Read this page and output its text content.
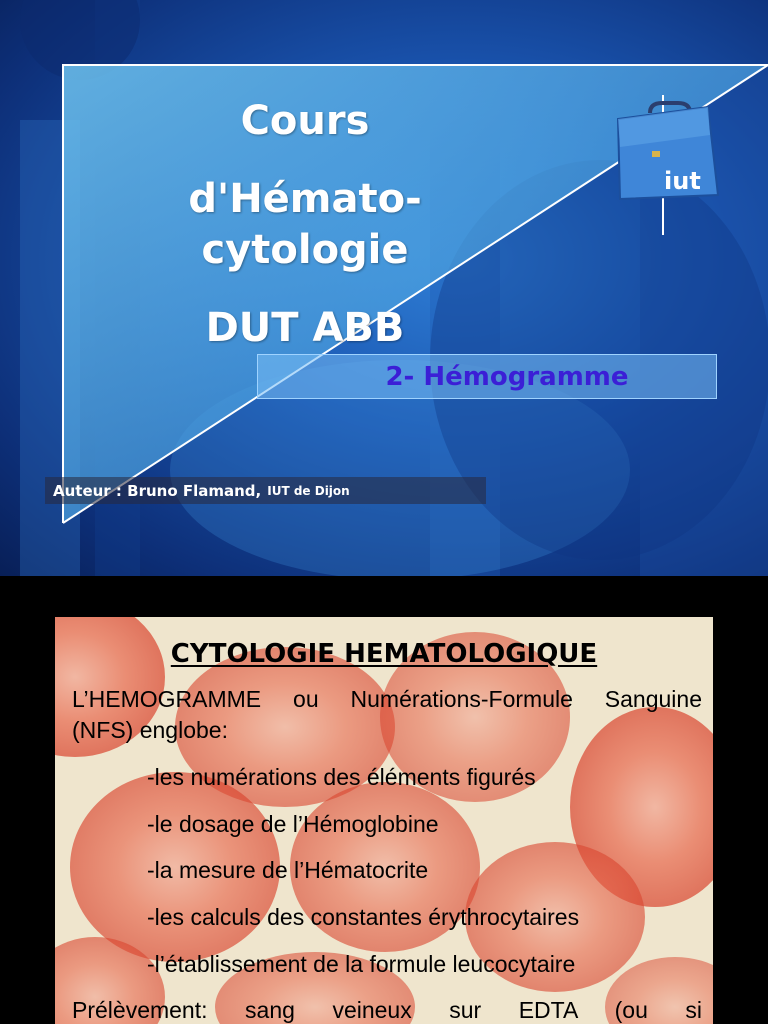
Cours
d'Hémato-
cytologie
DUT ABB
iut
2- Hémogramme
Auteur : Bruno Flamand, IUT de Dijon
CYTOLOGIE HEMATOLOGIQUE
L’HEMOGRAMME ou Numérations-Formule Sanguine
(NFS) englobe:
-les numérations des éléments figurés
-le dosage de l’Hémoglobine
-la mesure de l’Hématocrite
-les calculs des constantes érythrocytaires
-l’établissement de la formule leucocytaire
Prélèvement: sang veineux sur EDTA (ou si
